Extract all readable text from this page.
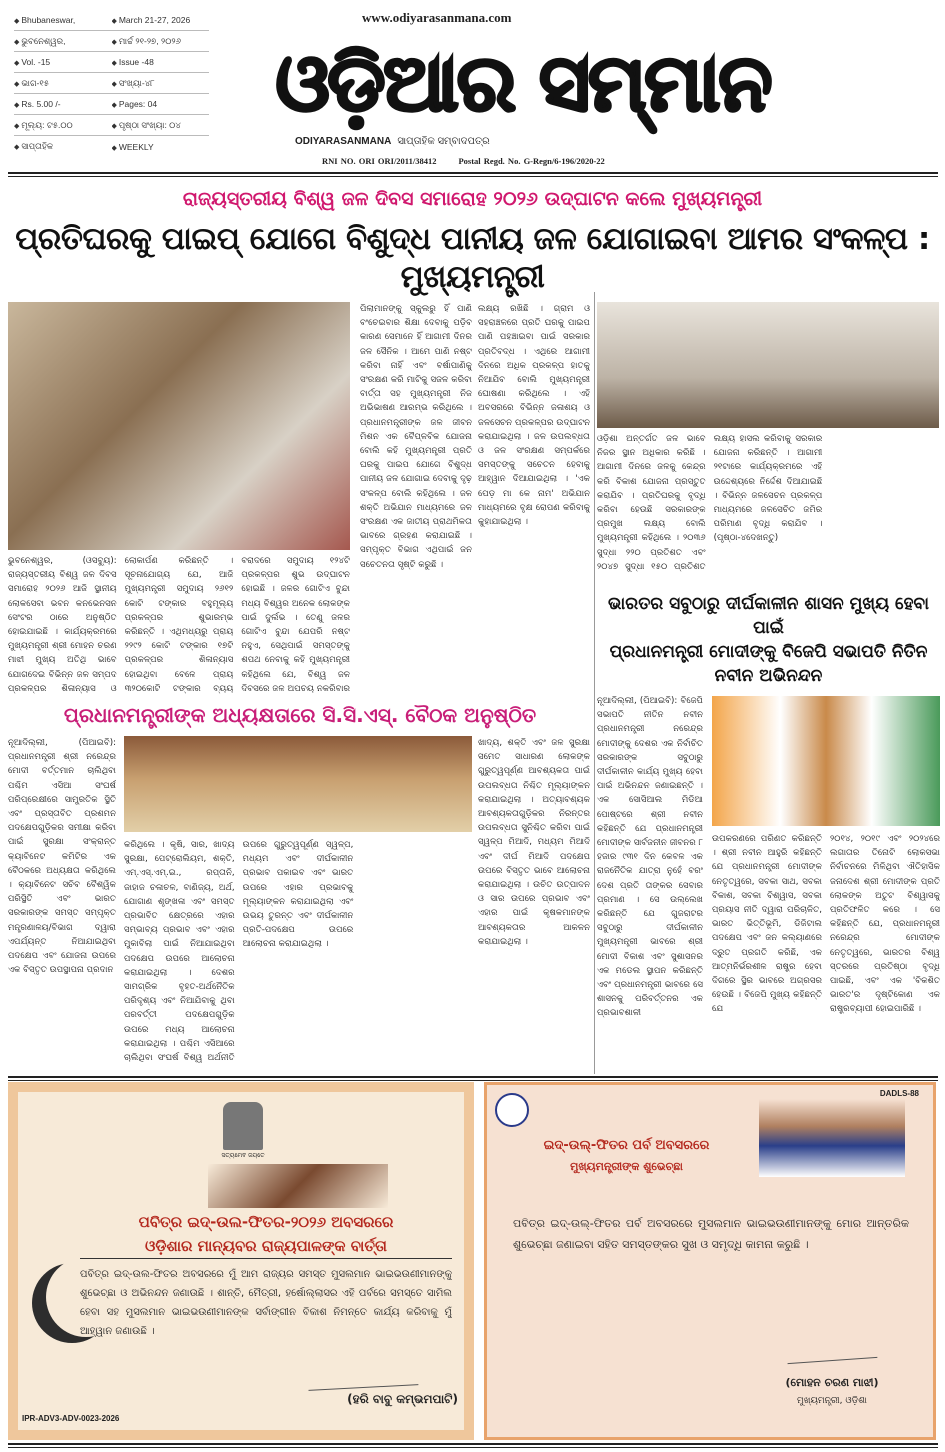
◆ Bhubaneswar,	◆ March 21-27, 2026
◆ ଭୁବନେଶ୍ୱର,	◆ ମାର୍ଚ୍ଚ ୨୧-୨୭, ୨୦୨୬
◆ Vol. -15	◆ Issue -48
◆ ଭାଗ-୧୫	◆ ସଂଖ୍ୟା-୪୮
◆ Rs. 5.00 /-	◆ Pages: 04
◆ ମୂଲ୍ୟ: ଟ୫.୦୦	◆ ପୃଷ୍ଠା ସଂଖ୍ୟା: ୦୪
◆ ସାପ୍ତାହିକ	◆ WEEKLY
www.odiyarasanmana.com
ଓଡ଼ିଆର ସମ୍ମାନ
ODIYARASANMANA ସାପ୍ତାହିକ ସମ୍ବାଦପତ୍ର
RNI NO. ORI ORI/2011/38412	Postal Regd. No. G-Regn/6-196/2020-22
ରାଜ୍ୟସ୍ତରୀୟ ବିଶ୍ୱ ଜଳ ଦିବସ ସମାରୋହ ୨୦୨୬ ଉଦ୍‌ଘାଟନ କଲେ ମୁଖ୍ୟମନ୍ତ୍ରୀ
ପ୍ରତିଘରକୁ ପାଇପ୍ ଯୋଗେ ବିଶୁଦ୍ଧ ପାନୀୟ ଜଳ ଯୋଗାଇବା ଆମର ସଂକଳ୍ପ : ମୁଖ୍ୟମନ୍ତ୍ରୀ
ଭୁବନେଶ୍ୱର, (ଓସବ୍ୟୁ): ରାଜ୍ୟସ୍ତରୀୟ ବିଶ୍ୱ ଜଳ ଦିବସ ସମାରୋହ ୨୦୨୬ ଆଜି ସ୍ଥାନୀୟ ଲୋକସେବା ଭବନ କନଭେନସନ ସେଂଟର ଠାରେ ଅନୁଷ୍ଠିତ ହୋଇଯାଇଛି । କାର୍ଯ୍ୟକ୍ରମରେ ମୁଖ୍ୟମନ୍ତ୍ରୀ ଶ୍ରୀ ମୋହନ ଚରଣ ମାଝୀ ମୁଖ୍ୟ ଅତିଥି ଭାବେ ଯୋଗଦେଇ ବିଭିନ୍ନ ଜଳ ସମ୍ପଦ ପ୍ରକଳ୍ପର ଶିଳାନ୍ୟାସ ଓ ଲୋକାର୍ପଣ କରିଛନ୍ତି । ସୂଚନାଯୋଗ୍ୟ ଯେ, ଆଜି ମୁଖ୍ୟମନ୍ତ୍ରୀ ସମୁଦାୟ ୨୬୧୨ କୋଟି ଟଙ୍କାର ବହୁମୂଲ୍ୟ ପ୍ରକଳ୍ପର ଶୁଭାରମ୍ଭ କରିଛନ୍ତି । ଏଥିମଧ୍ୟରୁ ପ୍ରାୟ ୨୨୯୨ କୋଟି ଟଙ୍କାର ୧୭ଟି ପ୍ରକଳ୍ପର ଶିଳାନ୍ୟାସ ହୋଇଥିବା ବେଳେ ପ୍ରାୟ ୩୨୦କୋଟି ଟଙ୍କାର ବ୍ୟୟ ବରାଦରେ ସମୁଦାୟ ୧୨୪ଟି ପ୍ରକଳ୍ପର ଶୁଭ ଉଦ୍‌ଘାଟନ ହୋଇଛି । ଜଳର ଗୋଟିଏ ବୁନ୍ଦା ମଧ୍ୟ ବିଶ୍ୱର ଅନେକ ଲୋକଙ୍କ ପାଇଁ ଦୁର୍ଲଭ । ତେଣୁ ଜଳର ଗୋଟିଏ ବୁନ୍ଦା ଯେପରି ନଷ୍ଟ ନହୁଏ, ସେଥିପାଇଁ ସମସ୍ତଙ୍କୁ ଶପଥ ନେବାକୁ କହି ମୁଖ୍ୟମନ୍ତ୍ରୀ କହିଥିଲେ ଯେ, ବିଶ୍ୱ ଜଳ ଦିବସରେ ଜଳ ଅପଚୟ ନକରିବାର
ପିଲାମାନଙ୍କୁ ସ୍କୁଲରୁ ହିଁ ପାଣି ବଂଚେଇବାର ଶିକ୍ଷା ଦେବାକୁ ପଡ଼ିବ କାରଣ ସେମାନେ ହିଁ ଆଗାମୀ ଦିନର ଜଳ ସୈନିକ । ଆମେ ପାଣି ନଷ୍ଟ କରିବା ନାହିଁ ଏବଂ ବର୍ଷାପାଣିକୁ ସଂରକ୍ଷଣ କରି ମାଟିକୁ ସଜଳ କରିବା ବାର୍ତ୍ତା ସହ ମୁଖ୍ୟମନ୍ତ୍ରୀ ନିଜ ଅଭିଭାଷଣ ଆରମ୍ଭ କରିଥିଲେ । ପ୍ରଧାନମନ୍ତ୍ରୀଙ୍କ ଜଳ ଜୀବନ ମିଶନ ଏକ ବୈପ୍ଳବିକ ଯୋଜନା ବୋଲି କହି ମୁଖ୍ୟମନ୍ତ୍ରୀ ପ୍ରତି ଘରକୁ ପାଇପ ଯୋଗେ ବିଶୁଦ୍ଧ ପାନୀୟ ଜଳ ଯୋଗାଇ ଦେବାକୁ ଦୃଢ଼ ସଂକଳ୍ପ ବୋଲି କହିଥିଲେ । ଜଳ ଶକ୍ତି ଅଭିଯାନ ମାଧ୍ୟମରେ ଜଳ ସଂରକ୍ଷଣ ଏକ ଜାତୀୟ ପ୍ରାଥମିକତା ଭାବରେ ଗ୍ରହଣ କରାଯାଇଛି । ସମ୍ପୃକ୍ତ ବିଭାଗ ଏଥିପାଇଁ ଜନ ସଚେତନତା ସୃଷ୍ଟି କରୁଛି ।
ଲକ୍ଷ୍ୟ ରଖିଛି । ଗ୍ରାମ ଓ ସହରାଞ୍ଚଳରେ ପ୍ରତି ଘରକୁ ପାଇପ ପାଣି ପହଞ୍ଚାଇବା ପାଇଁ ସରକାର ପ୍ରତିବଦ୍ଧ । ଏଥିରେ ଆଗାମୀ ଦିନରେ ଅଧିକ ପ୍ରକଳ୍ପ ହାତକୁ ନିଆଯିବ ବୋଲି ମୁଖ୍ୟମନ୍ତ୍ରୀ ଘୋଷଣା କରିଥିଲେ । ଏହି ଅବସରରେ ବିଭିନ୍ନ ଜଳାଶୟ ଓ ଜଳସେଚନ ପ୍ରକଳ୍ପର ଉଦ୍‌ଘାଟନ କରାଯାଇଥିଲା । ଜଳ ଉପଲବ୍ଧତା ଓ ଜଳ ସଂରକ୍ଷଣ ସମ୍ପର୍କରେ ସମସ୍ତଙ୍କୁ ସଚେତନ ହେବାକୁ ଆହ୍ୱାନ ଦିଆଯାଇଥିଲା । 'ଏକ ପେଡ଼ ମା କେ ନାମ' ଅଭିଯାନ ମାଧ୍ୟମରେ ବୃକ୍ଷ ରୋପଣ କରିବାକୁ କୁହାଯାଇଥିଲା ।
ଓଡ଼ିଶା ଅନ୍ତର୍ଗତ ଜଳ ଭାବେ ନିଜର ସ୍ଥାନ ଅଧିକାର କରିଛି । ଆଗାମୀ ଦିନରେ ଜଳକୁ କେନ୍ଦ୍ର କରି ବିକାଶ ଯୋଜନା ପ୍ରସ୍ତୁତ କରାଯିବ । ପ୍ରତିଘରକୁ ବୃଦ୍ଧି କରିବା ହେଉଛି ସରକାରଙ୍କ ପ୍ରମୁଖ ଲକ୍ଷ୍ୟ ବୋଲି ମୁଖ୍ୟମନ୍ତ୍ରୀ କହିଥିଲେ । ୨୦୩୬ ସୁଦ୍ଧା ୨୨୦ ପ୍ରତିଶତ ଏବଂ ୨୦୪୭ ସୁଦ୍ଧା ୧୫୦ ପ୍ରତିଶତ ଲକ୍ଷ୍ୟ ହାସଲ କରିବାକୁ ସରକାର ଯୋଜନା କରିଛନ୍ତି । ଆଗାମୀ ୨୧ଟାରେ କାର୍ଯ୍ୟକ୍ରମରେ ଏହି ଉଦ୍ଦେଶ୍ୟରେ ନିର୍ଦ୍ଦେଶ ଦିଆଯାଇଛି । ବିଭିନ୍ନ ଜଳସେଚନ ପ୍ରକଳ୍ପ ମାଧ୍ୟମରେ ଜଳସେଚିତ ଜମିର ପରିମାଣ ବୃଦ୍ଧି କରାଯିବ । (ପୃଷ୍ଠା-୪ଦେଖନ୍ତୁ)
ଭାରତର ସବୁଠାରୁ ଦୀର୍ଘକାଳୀନ ଶାସନ ମୁଖ୍ୟ ହେବା ପାଇଁ
ପ୍ରଧାନମନ୍ତ୍ରୀ ମୋଦୀଙ୍କୁ ବିଜେପି ସଭାପତି ନିତିନ ନବୀନ ଅଭିନନ୍ଦନ
ନୂଆଦିଲ୍ଲୀ, (ପିଆଇବି): ବିଜେପି ସଭାପତି ନୀତିନ ନବୀନ ପ୍ରଧାନମନ୍ତ୍ରୀ ନରେନ୍ଦ୍ର ମୋଦୀଙ୍କୁ ଦେଶର ଏକ ନିର୍ବାଚିତ ସରକାରଙ୍କ ସବୁଠାରୁ ଦୀର୍ଘକାଳୀନ କାର୍ଯ୍ୟ ମୁଖ୍ୟ ହେବା ପାଇଁ ଅଭିନନ୍ଦନ ଜଣାଇଛନ୍ତି । ଏକ ସୋସିଆଲ ମିଡିଆ ପୋଷ୍ଟରେ ଶ୍ରୀ ନବୀନ କହିଛନ୍ତି ଯେ ପ୍ରଧାନମନ୍ତ୍ରୀ ମୋଦୀଙ୍କ ସାର୍ବଜନୀନ ଜୀବନର ୮ ହଜାର ୯୩୧ ଦିନ କେବଳ ଏକ ରାଜନୈତିକ ଯାତ୍ରା ନୁହେଁ ବରଂ ଦେଶ ପ୍ରତି ତାଙ୍କର ସେବାର ପ୍ରମାଣ । ସେ ଉଲ୍ଲେଖ କରିଛନ୍ତି ଯେ ଗୁଜରାଟର ସବୁଠାରୁ ଦୀର୍ଘକାଳୀନ ମୁଖ୍ୟମନ୍ତ୍ରୀ ଭାବରେ ଶ୍ରୀ ମୋଦୀ ବିକାଶ ଏବଂ ସୁଶାସନର ଏକ ମଡେଲ ସ୍ଥାପନ କରିଛନ୍ତି ଏବଂ ପ୍ରଧାନମନ୍ତ୍ରୀ ଭାବରେ ସେ ଶାସନକୁ ପରିବର୍ତ୍ତନର ଏକ ପ୍ରଭାବଶାଳୀ
ଉପକରଣରେ ପରିଣତ କରିଛନ୍ତି । ଶ୍ରୀ ନବୀନ ଆହୁରି କହିଛନ୍ତି ଯେ ପ୍ରଧାନମନ୍ତ୍ରୀ ମୋଦୀଙ୍କ ନେତୃତ୍ୱରେ, ସବକା ସାଥ, ସବକା ବିକାଶ, ସବକା ବିଶ୍ୱାସ, ସବକା ପ୍ରୟାସ ନୀତି ଦ୍ୱାରା ପରିଚାଳିତ, ଭାରତ ଭିତ୍ତିଭୂମି, ଡିଜିଟାଲ ପଦକ୍ଷେପ ଏବଂ ଜନ କଲ୍ୟାଣରେ ଦ୍ରୁତ ପ୍ରଗତି କରିଛି, ଏକ ଆତ୍ମନିର୍ଭରଶୀଳ ରାଷ୍ଟ୍ର ହେବା ଦିଗରେ ସ୍ଥିର ଭାବରେ ଅଗ୍ରସର ହେଉଛି । ବିଜେପି ମୁଖ୍ୟ କହିଛନ୍ତି ଯେ
୨୦୧୪, ୨୦୧୯ ଏବଂ ୨୦୨୪ରେ ଲଗାତାର ତିନୋଟି ଲୋକସଭା ନିର୍ବାଚନରେ ମିଳିଥିବା ଐତିହାସିକ ଜନାଦେଶ ଶ୍ରୀ ମୋଦୀଙ୍କ ପ୍ରତି ଲୋକଙ୍କ ଅତୁଟ ବିଶ୍ୱାସକୁ ପ୍ରତିଫଳିତ କରେ । ସେ କହିଛନ୍ତି ଯେ, ପ୍ରଧାନମନ୍ତ୍ରୀ ନରେନ୍ଦ୍ର ମୋଦୀଙ୍କ ନେତୃତ୍ୱରେ, ଭାରତର ବିଶ୍ୱ ସ୍ତରରେ ପ୍ରତିଷ୍ଠା ବୃଦ୍ଧି ପାଇଛି, ଏବଂ ଏକ 'ବିକଶିତ ଭାରତ'ର ଦୃଷ୍ଟିକୋଣ ଏକ ରାଷ୍ଟ୍ରବ୍ୟାପୀ ହୋଇପାରିଛି ।
ପ୍ରଧାନମନ୍ତ୍ରୀଙ୍କ ଅଧ୍ୟକ୍ଷତାରେ ସି.ସି.ଏସ୍. ବୈଠକ ଅନୁଷ୍ଠିତ
ନୂଆଦିଲ୍ଲୀ, (ପିଆଇବି): ପ୍ରଧାନମନ୍ତ୍ରୀ ଶ୍ରୀ ନରେନ୍ଦ୍ର ମୋଦୀ ବର୍ତ୍ତମାନ ଚାଲିଥିବା ପଶ୍ଚିମ ଏସିଆ ସଂଘର୍ଷ ପରିପ୍ରେକ୍ଷୀରେ ସାମ୍ପ୍ରତିକ ସ୍ଥିତି ଏବଂ ପ୍ରସ୍ତାବିତ ପ୍ରଶମନ ପଦକ୍ଷେପଗୁଡ଼ିକର ସମୀକ୍ଷା କରିବା ପାଇଁ ସୁରକ୍ଷା ସଂକ୍ରାନ୍ତ କ୍ୟାବିନେଟ କମିଟିର ଏକ ବୈଠକରେ ଅଧ୍ୟକ୍ଷତା କରିଥିଲେ । କ୍ୟାବିନେଟ ସଚିବ ବୈଶ୍ୱିକ ପରିସ୍ଥିତି ଏବଂ ଭାରତ ସରକାରଙ୍କ ସମସ୍ତ ସମ୍ପୃକ୍ତ ମନ୍ତ୍ରଣାଳୟ/ବିଭାଗ ଦ୍ୱାରା ଏପର୍ଯ୍ୟନ୍ତ ନିଆଯାଇଥିବା ପଦକ୍ଷେପ ଏବଂ ଯୋଜନା ଉପରେ ଏକ ବିସ୍ତୃତ ଉପସ୍ଥାପନା ପ୍ରଦାନ
କରିଥିଲେ । କୃଷି, ସାର, ଖାଦ୍ୟ ସୁରକ୍ଷା, ପେଟ୍ରୋଲିୟମ, ଶକ୍ତି, ଏମ୍.ଏସ୍.ଏମ୍.ଇ., ରପ୍ତାନି, ଜାହାଜ ଚଳାଚଳ, ବାଣିଜ୍ୟ, ଅର୍ଥ, ଯୋଗାଣ ଶୃଙ୍ଖଳା ଏବଂ ସମସ୍ତ ପ୍ରଭାବିତ କ୍ଷେତ୍ରରେ ଏହାର ସମ୍ଭାବ୍ୟ ପ୍ରଭାବ ଏବଂ ଏହାର ମୁକାବିଲା ପାଇଁ ନିଆଯାଇଥିବା ପଦକ୍ଷେପ ଉପରେ ଆଲୋଚନା କରାଯାଇଥିଲା । ଦେଶର ସାମଗ୍ରିକ ବୃହତ-ଅର୍ଥନୈତିକ ପରିଦୃଶ୍ୟ ଏବଂ ନିଆଯିବାକୁ ଥିବା ପରବର୍ତ୍ତୀ ପଦକ୍ଷେପଗୁଡ଼ିକ ଉପରେ ମଧ୍ୟ ଆଲୋଚନା କରାଯାଇଥିଲା । ପଶ୍ଚିମ ଏସିଆରେ ଚାଲିଥିବା ସଂଘର୍ଷ ବିଶ୍ୱ ଅର୍ଥନୀତି ଉପରେ ଗୁରୁତ୍ୱପୂର୍ଣ୍ଣ ସ୍ୱଳ୍ପ, ମଧ୍ୟମ ଏବଂ ଦୀର୍ଘକାଳୀନ ପ୍ରଭାବ ପକାଇବ ଏବଂ ଭାରତ ଉପରେ ଏହାର ପ୍ରଭାବକୁ ମୂଲ୍ୟାଙ୍କନ କରାଯାଇଥିଲା ଏବଂ ଉଭୟ ତୁରନ୍ତ ଏବଂ ଦୀର୍ଘକାଳୀନ ପ୍ରତି-ପଦକ୍ଷେପ ଉପରେ ଆଲୋଚନା କରାଯାଇଥିଲା ।
ଖାଦ୍ୟ, ଶକ୍ତି ଏବଂ ଜଳ ସୁରକ୍ଷା ସମେତ ସାଧାରଣ ଲୋକଙ୍କ ଗୁରୁତ୍ୱପୂର୍ଣ୍ଣ ଆବଶ୍ୟକତା ପାଇଁ ଉପଲବ୍ଧତା ନିଶ୍ଚିତ ମୂଲ୍ୟାଙ୍କନ କରାଯାଇଥିଲା । ଅତ୍ୟାବଶ୍ୟକ ଆବଶ୍ୟକତାଗୁଡ଼ିକର ନିରନ୍ତର ଉପଲବ୍ଧତା ସୁନିଶ୍ଚିତ କରିବା ପାଇଁ ସ୍ୱଳ୍ପ ମିଆଦି, ମଧ୍ୟମ ମିଆଦି ଏବଂ ଦୀର୍ଘ ମିଆଦି ପଦକ୍ଷେପ ଉପରେ ବିସ୍ତୃତ ଭାବେ ଆଲୋଚନା କରାଯାଇଥିଲା । ଉଚିତ ଉତ୍ପାଦନ ଓ ସାର ଉପରେ ପ୍ରଭାବ ଏବଂ ଏହାର ପାଇଁ କୃଷକମାନଙ୍କ ଆବଶ୍ୟକତାର ଆକଳନ କରାଯାଇଥିଲା ।
ସତ୍ୟମେବ ଜୟତେ
ପବିତ୍ର ଇଦ୍-ଉଲ-ଫିତର-୨୦୨୬ ଅବସରରେ
ଓଡ଼ିଶାର ମାନ୍ୟବର ରାଜ୍ୟପାଳଙ୍କ ବାର୍ତ୍ତା
ପବିତ୍ର ଇଦ୍-ଉଲ-ଫିତର ଅବସରରେ ମୁଁ ଆମ ରାଜ୍ୟର ସମସ୍ତ ମୁସଲମାନ ଭାଇଭଉଣୀମାନଙ୍କୁ ଶୁଭେଚ୍ଛା ଓ ଅଭିନନ୍ଦନ ଜଣାଉଛି । ଶାନ୍ତି, ମୈତ୍ରୀ, ହର୍ଷୋଲ୍ଲାସର ଏହି ପର୍ବରେ ସମସ୍ତେ ସାମିଲ ହେବା ସହ ମୁସଲମାନ ଭାଇଭଉଣୀମାନଙ୍କ ସର୍ବାଙ୍ଗୀନ ବିକାଶ ନିମନ୍ତେ କାର୍ଯ୍ୟ କରିବାକୁ ମୁଁ ଆହ୍ୱାନ ଜଣାଉଛି ।
(ହରି ବାବୁ କମ୍ଭମପାଟି)
IPR-ADV3-ADV-0023-2026
DADLS-88
ଇଦ୍-ଉଲ୍-ଫିତର ପର୍ବ ଅବସରରେ
ମୁଖ୍ୟମନ୍ତ୍ରୀଙ୍କ ଶୁଭେଚ୍ଛା
ପବିତ୍ର ଇଦ୍-ଉଲ୍-ଫିତର ପର୍ବ ଅବସରରେ ମୁସଲମାନ ଭାଇଭଉଣୀମାନଙ୍କୁ ମୋର ଆନ୍ତରିକ ଶୁଭେଚ୍ଛା ଜଣାଇବା ସହିତ ସମସ୍ତଙ୍କର ସୁଖ ଓ ସମୃଦ୍ଧି କାମନା କରୁଛି ।
(ମୋହନ ଚରଣ ମାଝୀ)
ମୁଖ୍ୟମନ୍ତ୍ରୀ, ଓଡ଼ିଶା
